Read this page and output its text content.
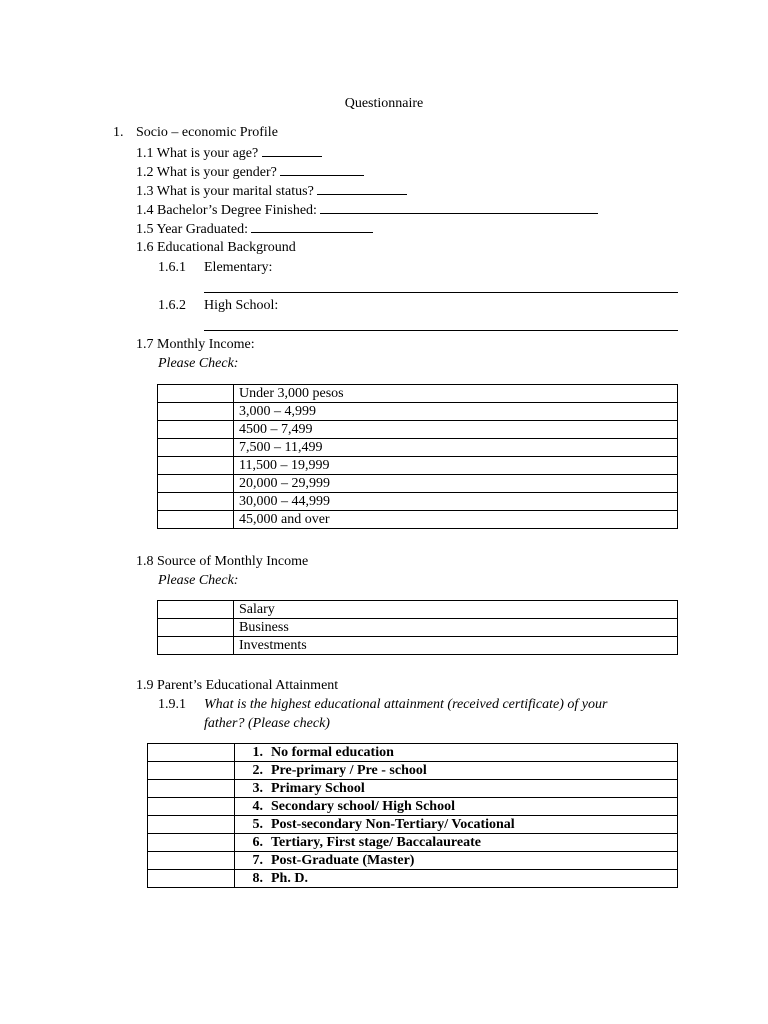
Questionnaire
1. Socio – economic Profile
1.1 What is your age?
1.2 What is your gender?
1.3 What is your marital status?
1.4 Bachelor’s Degree Finished:
1.5 Year Graduated:
1.6 Educational Background
1.6.1 Elementary:
1.6.2 High School:
1.7 Monthly Income:
Please Check:
	Under 3,000 pesos
	3,000 – 4,999
	4500 – 7,499
	7,500 – 11,499
	11,500 – 19,999
	20,000 – 29,999
	30,000 – 44,999
	45,000 and over
1.8 Source of Monthly Income
Please Check:
	Salary
	Business
	Investments
1.9 Parent’s Educational Attainment
1.9.1 What is the highest educational attainment (received certificate) of your
father? (Please check)
	1. No formal education
	2. Pre-primary / Pre - school
	3. Primary School
	4. Secondary school/ High School
	5. Post-secondary Non-Tertiary/ Vocational
	6. Tertiary, First stage/ Baccalaureate
	7. Post-Graduate (Master)
	8. Ph. D.
